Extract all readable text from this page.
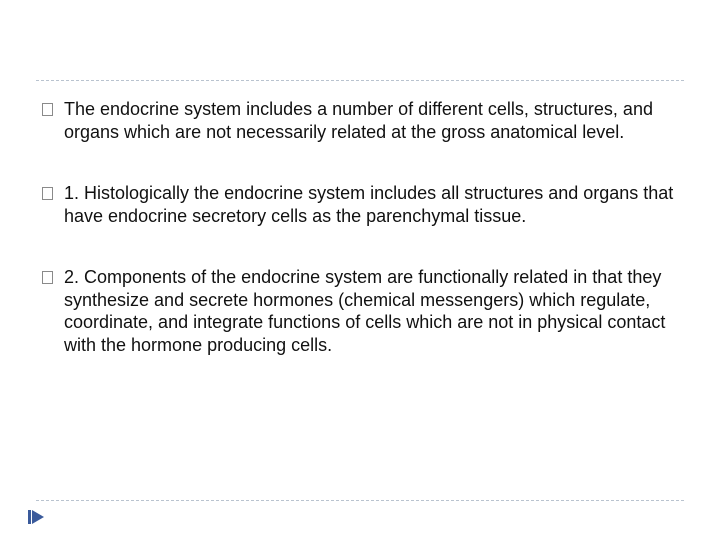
The endocrine system includes a number of different cells, structures, and organs which are not necessarily related at the gross anatomical level.
1. Histologically the endocrine system includes all structures and organs that have endocrine secretory cells as the parenchymal tissue.
2. Components of the endocrine system are functionally related in that they synthesize and secrete hormones (chemical messengers) which regulate, coordinate, and integrate functions of cells which are not in physical contact with the hormone producing cells.
